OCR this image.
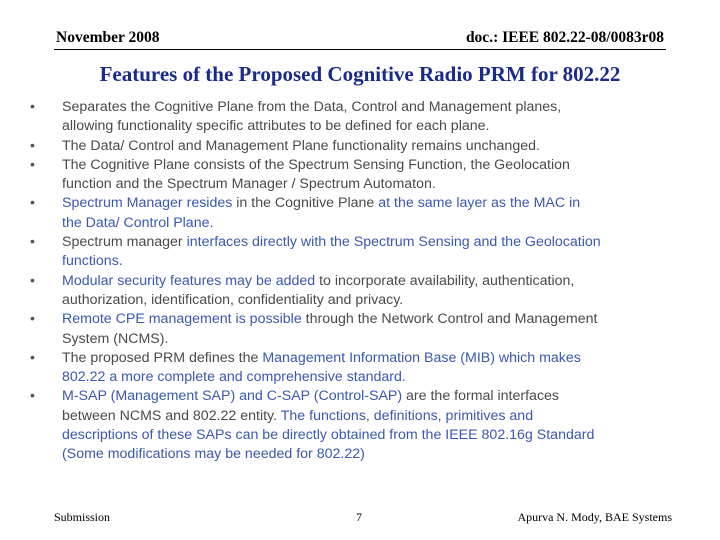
November 2008	doc.: IEEE 802.22-08/0083r08
Features of the Proposed Cognitive Radio PRM for 802.22
•	Separates the Cognitive Plane from the Data, Control and Management planes,
allowing functionality specific attributes to be defined for each plane.
•	The Data/ Control and Management Plane functionality remains unchanged.
•	The Cognitive Plane consists of the Spectrum Sensing Function, the Geolocation
function and the Spectrum Manager / Spectrum Automaton.
•	Spectrum Manager resides in the Cognitive Plane at the same layer as the MAC in
the Data/ Control Plane.
•	Spectrum manager interfaces directly with the Spectrum Sensing and the Geolocation
functions.
•	Modular security features may be added to incorporate availability, authentication,
authorization, identification, confidentiality and privacy.
•	Remote CPE management is possible through the Network Control and Management
System (NCMS).
•	The proposed PRM defines the Management Information Base (MIB) which makes
802.22 a more complete and comprehensive standard.
•	M-SAP (Management SAP) and C-SAP (Control-SAP) are the formal interfaces
between NCMS and 802.22 entity. The functions, definitions, primitives and
descriptions of these SAPs can be directly obtained from the IEEE 802.16g Standard
(Some modifications may be needed for 802.22)
Submission	7	Apurva N. Mody, BAE Systems
